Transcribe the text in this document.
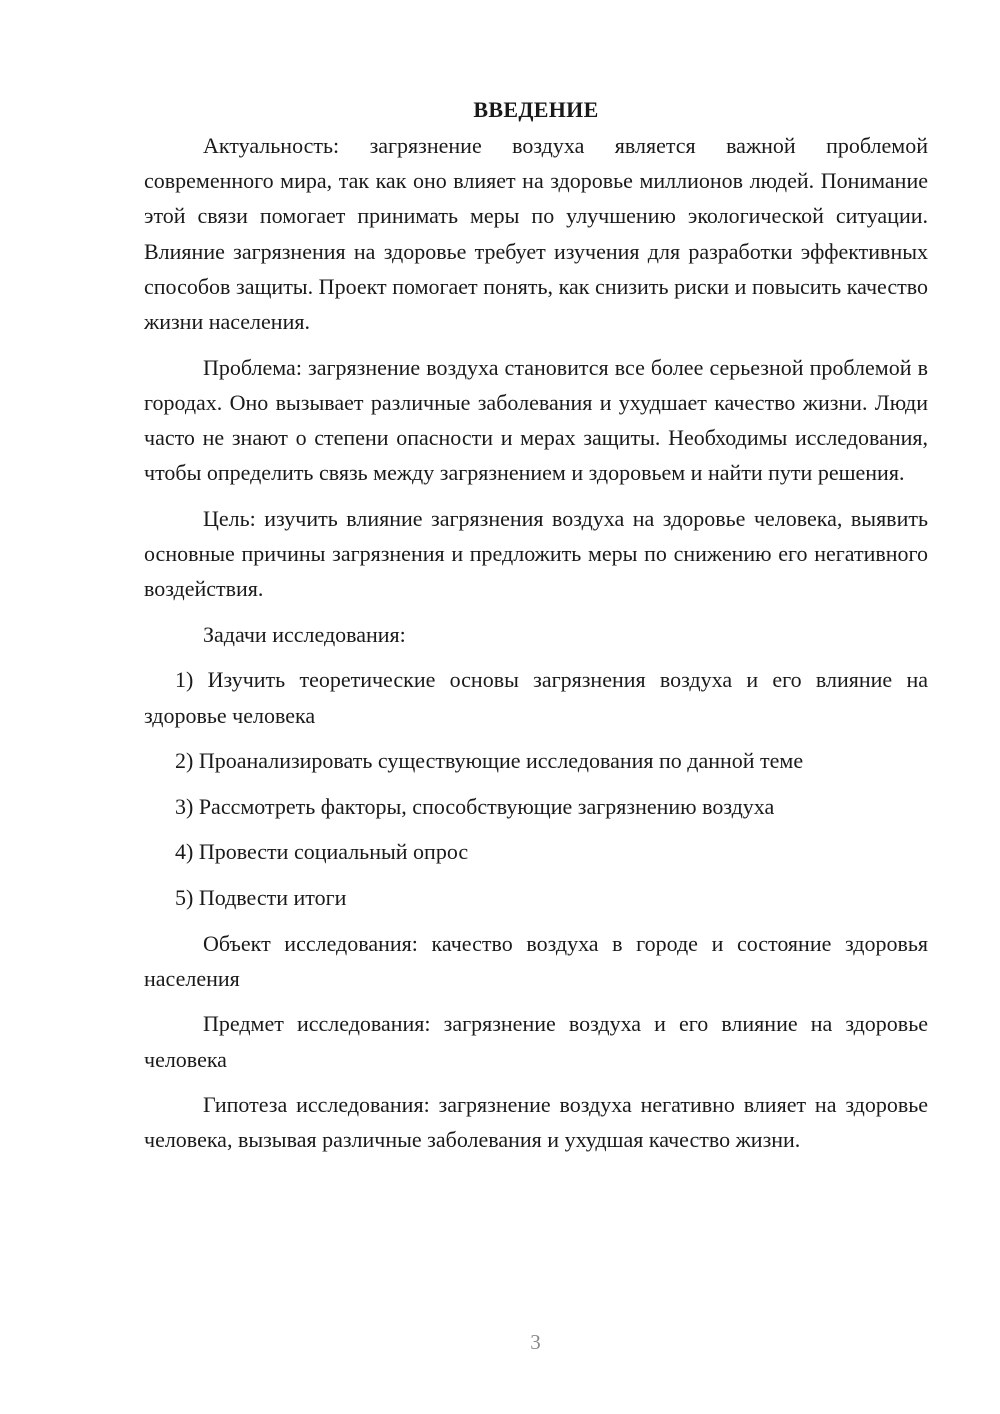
ВВЕДЕНИЕ

Актуальность: загрязнение воздуха является важной проблемой современного мира, так как оно влияет на здоровье миллионов людей. Понимание этой связи помогает принимать меры по улучшению экологической ситуации. Влияние загрязнения на здоровье требует изучения для разработки эффективных способов защиты. Проект помогает понять, как снизить риски и повысить качество жизни населения.

Проблема: загрязнение воздуха становится все более серьезной проблемой в городах. Оно вызывает различные заболевания и ухудшает качество жизни. Люди часто не знают о степени опасности и мерах защиты. Необходимы исследования, чтобы определить связь между загрязнением и здоровьем и найти пути решения.

Цель: изучить влияние загрязнения воздуха на здоровье человека, выявить основные причины загрязнения и предложить меры по снижению его негативного воздействия.

Задачи исследования:

1) Изучить теоретические основы загрязнения воздуха и его влияние на здоровье человека

2) Проанализировать существующие исследования по данной теме

3) Рассмотреть факторы, способствующие загрязнению воздуха

4) Провести социальный опрос

5) Подвести итоги

Объект исследования: качество воздуха в городе и состояние здоровья населения

Предмет исследования: загрязнение воздуха и его влияние на здоровье человека

Гипотеза исследования: загрязнение воздуха негативно влияет на здоровье человека, вызывая различные заболевания и ухудшая качество жизни.

3
